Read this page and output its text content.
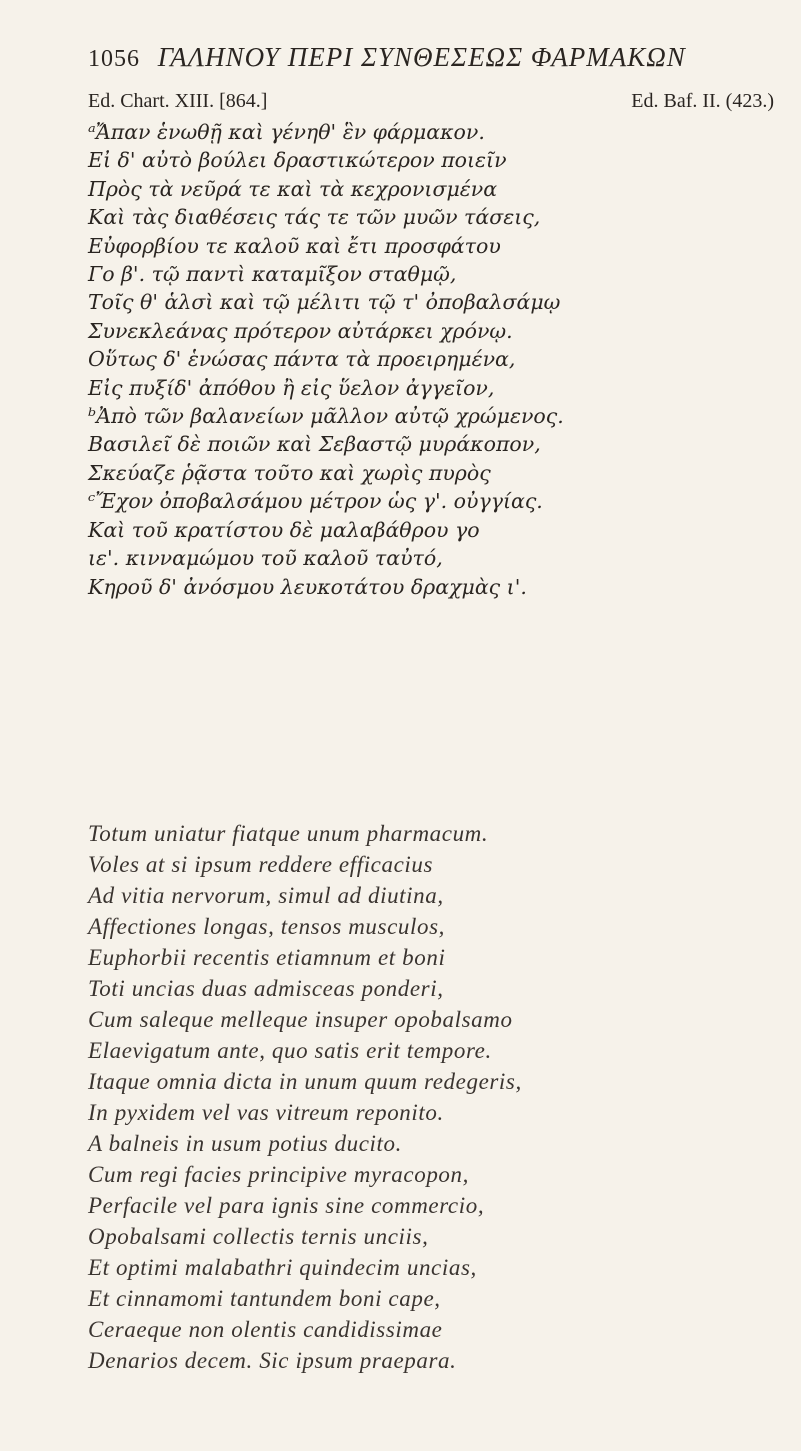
1056 ΓΑΛΗΝΟΥ ΠΕΡΙ ΣΥΝΘΕΣΕΩΣ ΦΑΡΜΑΚΩΝ
Ed. Chart. XIII. [864.]	Ed. Baf. II. (423.)
ᵃἌπαν ἑνωθῇ καὶ γένηθ' ἓν φάρμακον.
Εἰ δ' αὐτὸ βούλει δραστικώτερον ποιεῖν
Πρὸς τὰ νεῦρά τε καὶ τὰ κεχρονισμένα
Καὶ τὰς διαθέσεις τάς τε τῶν μυῶν τάσεις,
Εὐφορβίου τε καλοῦ καὶ ἔτι προσφάτου
Γο β'. τῷ παντὶ καταμῖξον σταθμῷ,
Τοῖς θ' ἁλσὶ καὶ τῷ μέλιτι τῷ τ' ὀποβαλσάμῳ
Συνεκλεάνας πρότερον αὐτάρκει χρόνῳ.
Οὕτως δ' ἑνώσας πάντα τὰ προειρημένα,
Εἰς πυξίδ' ἀπόθου ἢ εἰς ὕελον ἀγγεῖον,
ᵇἈπὸ τῶν βαλανείων μᾶλλον αὐτῷ χρώμενος.
Βασιλεῖ δὲ ποιῶν καὶ Σεβαστῷ μυράκοπον,
Σκεύαζε ῥᾷστα τοῦτο καὶ χωρὶς πυρὸς
ᶜἜχον ὀποβαλσάμου μέτρον ὡς γ'. οὐγγίας.
Καὶ τοῦ κρατίστου δὲ μαλαβάθρου γο
ιε'. κινναμώμου τοῦ καλοῦ ταὐτό,
Κηροῦ δ' ἀνόσμου λευκοτάτου δραχμὰς ι'.
Totum uniatur fiatque unum pharmacum.
Voles at si ipsum reddere efficacius
Ad vitia nervorum, simul ad diutina,
Affectiones longas, tensos musculos,
Euphorbii recentis etiamnum et boni
Toti uncias duas admisceas ponderi,
Cum saleque melleque insuper opobalsamo
Elaevigatum ante, quo satis erit tempore.
Itaque omnia dicta in unum quum redegeris,
In pyxidem vel vas vitreum reponito.
A balneis in usum potius ducito.
Cum regi facies principive myracopon,
Perfacile vel para ignis sine commercio,
Opobalsami collectis ternis unciis,
Et optimi malabathri quindecim uncias,
Et cinnamomi tantundem boni cape,
Ceraeque non olentis candidissimae
Denarios decem. Sic ipsum praepara.
